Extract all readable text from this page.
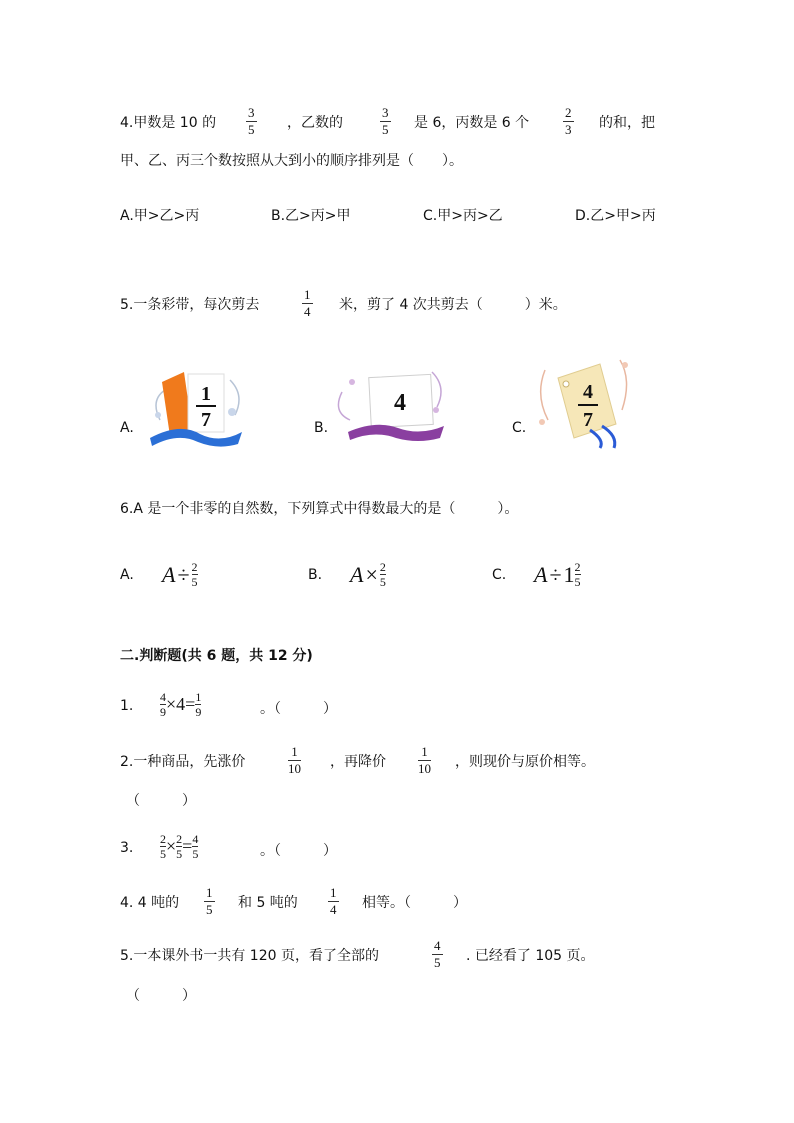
4.甲数是 10 的
3
5 ，乙数的
3
5 是 6，丙数是 6 个
2
3 的和，把
甲、乙、丙三个数按照从大到小的顺序排列是（　　）。
A.甲>乙>丙	B.乙>丙>甲	C.甲>丙>乙	D.乙>甲>丙
5.一条彩带，每次剪去
1
4 米，剪了 4 次共剪去（　　　）米。
A.
1
7	B.
4
C.
4
7
6.A 是一个非零的自然数，下列算式中得数最大的是（　　　）。
A. A ÷ 2
5	B. A × 2
5	C. A ÷ 1 2
5
二.判断题(共 6 题，共 12 分)
1.
4
9 × 4 = 1
9	。（　　　）
2.一种商品，先涨价
1
10 ，再降价
1
10 ，则现价与原价相等。
（　　　）
3.
2
5 × 2
5 = 4
5	。（　　　）
4. 4 吨的
1
5 和 5 吨的
1
4 相等。（　　　）
5.一本课外书一共有 120 页，看了全部的
4
5 . 已经看了 105 页。
（　　　）
